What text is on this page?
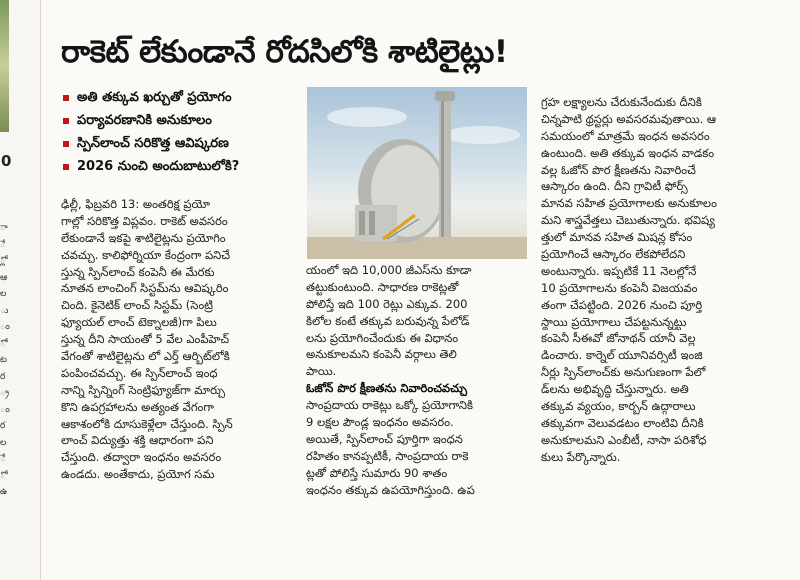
0
ా
ే
్లో
ఆ
ల
ు
ం
ో
ట
ర
్ర
ం
ర
ల
ే
ో
ఉ
రాకెట్ లేకుండానే రోదసిలోకి శాటిలైట్లు!
అతి తక్కువ ఖర్చుతో ప్రయోగం
పర్యావరణానికి అనుకూలం
స్పిన్‌లాంచ్ సరికొత్త ఆవిష్కరణ
2026 నుంచి అందుబాటులోకి?
ఢిల్లీ, ఫిబ్రవరి 13: అంతరిక్ష ప్రయో
గాల్లో సరికొత్త విప్లవం. రాకెట్ అవసరం
లేకుండానే ఇకపై శాటిలైట్లను ప్రయోగిం
చవచ్చు. కాలిఫోర్నియా కేంద్రంగా పనిచే
స్తున్న స్పిన్‌లాంచ్ కంపెనీ ఈ మేరకు
నూతన లాంచింగ్ సిస్టమ్‌ను ఆవిష్కరిం
చింది. కైనెటిక్ లాంచ్ సిస్టమ్ (సెంట్రి
ఫ్యూయల్ లాంచ్ టెక్నాలజీ)గా పిలు
స్తున్న దీని సాయంతో 5 వేల ఎంపీహెచ్
వేగంతో శాటిలైట్లను లో ఎర్త్ ఆర్బిట్‌లోకి
పంపించవచ్చు. ఈ స్పిన్‌లాంచ్ ఇంధ
నాన్ని స్పిన్నింగ్ సెంట్రిఫ్యూజ్‌గా మార్చు
కొని ఉపగ్రహాలను అత్యంత వేగంగా
ఆకాశంలోకి దూసుకెళ్లేలా చేస్తుంది. స్పిన్
లాంచ్ విద్యుత్తు శక్తి ఆధారంగా పని
చేస్తుంది. తద్వారా ఇంధనం అవసరం
ఉండదు. అంతేకాదు, ప్రయోగ సమ
యంలో ఇది 10,000 జీఎస్‌ను కూడా
తట్టుకుంటుంది. సాధారణ రాకెట్లతో
పోలిస్తే ఇది 100 రెట్లు ఎక్కువ. 200
కిలోల కంటే తక్కువ బరువున్న పేలోడ్
లను ప్రయోగించేందుకు ఈ విధానం
అనుకూలమని కంపెనీ వర్గాలు తెలి
పాయి.
ఓజోన్ పొర క్షీణతను నివారించవచ్చు
సాంప్రదాయ రాకెట్లు ఒక్కో ప్రయోగానికి
9 లక్షల పౌండ్ల ఇంధనం అవసరం.
అయితే, స్పిన్‌లాంచ్ పూర్తిగా ఇంధన
రహితం కానప్పటికీ, సాంప్రదాయ రాకె
ట్లతో పోలిస్తే సుమారు 90 శాతం
ఇంధనం తక్కువ ఉపయోగిస్తుంది. ఉప
గ్రహ లక్ష్యాలను చేరుకునేందుకు దీనికి
చిన్నపాటి థ్రస్టర్లు అవసరమవుతాయి. ఆ
సమయంలో మాత్రమే ఇంధన అవసరం
ఉంటుంది. అతి తక్కువ ఇంధన వాడకం
వల్ల ఓజోన్ పొర క్షీణతను నివారించే
ఆస్కారం ఉంది. దీని గ్రావిటీ ఫోర్స్
మానవ సహిత ప్రయోగాలకు అనుకూలం
మని శాస్త్రవేత్తలు చెబుతున్నారు. భవిష్య
త్తులో మానవ సహిత మిషన్ల కోసం
ప్రయోగించే ఆస్కారం లేకపోలేదని
అంటున్నారు. ఇప్పటికే 11 నెలల్లోనే
10 ప్రయోగాలను కంపెనీ విజయవం
తంగా చేపట్టింది. 2026 నుంచి పూర్తి
స్థాయి ప్రయోగాలు చేపట్టనున్నట్టు
కంపెనీ సీఈవో జోనాథన్ యానీ వెల్ల
డించారు. కార్నెల్ యూనివర్సిటీ ఇంజి
నీర్లు స్పిన్‌లాంచ్‌కు అనుగుణంగా పేలో
డ్‌లను అభివృద్ధి చేస్తున్నారు. అతి
తక్కువ వ్యయం, కార్బన్ ఉద్గారాలు
తక్కువగా వెలువడటం లాంటివి దీనికి
అనుకూలమని ఎంబీటీ, నాసా పరిశోధ
కులు పేర్కొన్నారు.
